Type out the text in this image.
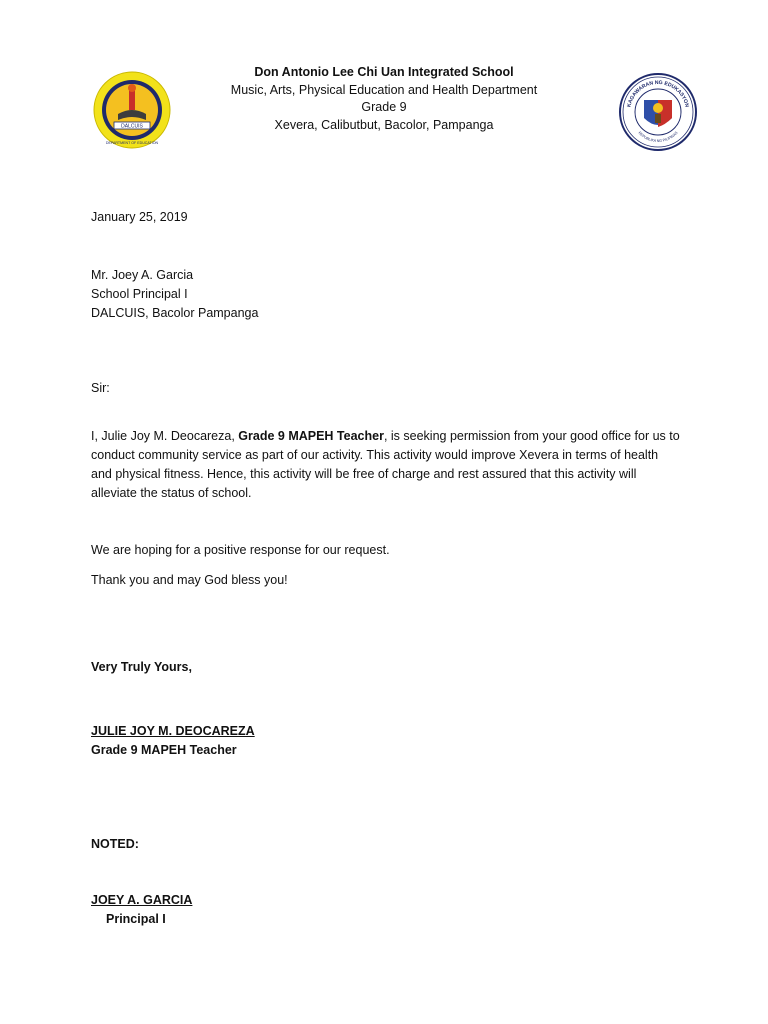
DALCUIS
DEPARTMENT OF EDUCATION
Don Antonio Lee Chi Uan Integrated School
Music, Arts, Physical Education and Health Department
Grade 9
Xevera, Calibutbut, Bacolor, Pampanga
KAGAWARAN NG EDUKASYON
REPUBLIKA NG PILIPINAS
January 25, 2019
Mr. Joey A. Garcia
School Principal I
DALCUIS, Bacolor Pampanga
Sir:
I, Julie Joy M. Deocareza, Grade 9 MAPEH Teacher, is seeking permission from your good office for us to
conduct community service as part of our activity. This activity would improve Xevera in terms of health
and physical fitness. Hence, this activity will be free of charge and rest assured that this activity will
alleviate the status of school.
We are hoping for a positive response for our request.
Thank you and may God bless you!
Very Truly Yours,
JULIE JOY M. DEOCAREZA
Grade 9 MAPEH Teacher
NOTED:
JOEY A. GARCIA
Principal I
